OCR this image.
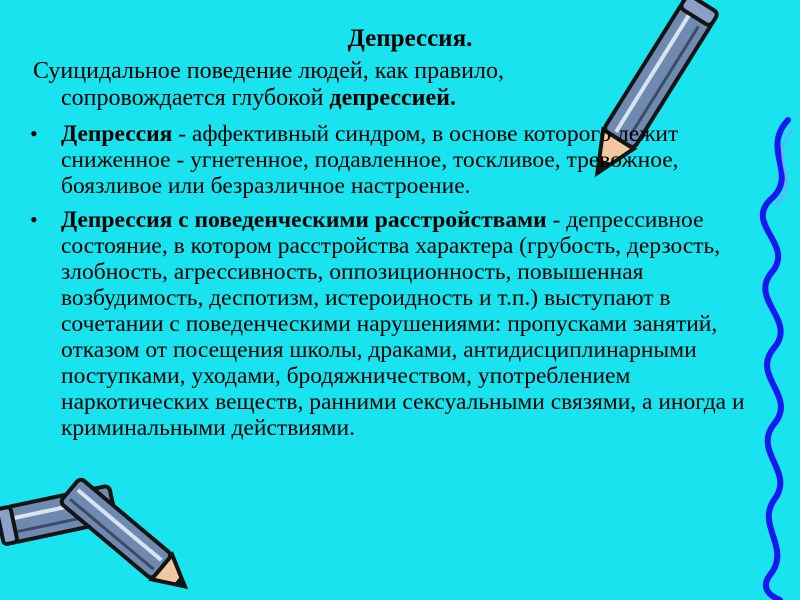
Депрессия.
Суицидальное поведение людей, как правило,
сопровождается глубокой депрессией.
• Депрессия - аффективный синдром, в основе которого лежит сниженное - угнетенное, подавленное, тоскливое, тревожное, боязливое или безразличное настроение.
• Депрессия с поведенческими расстройствами - депрессивное состояние, в котором расстройства характера (грубость, дерзость, злобность, агрессивность, оппозиционность, повышенная возбудимость, деспотизм, истероидность и т.п.) выступают в сочетании с поведенческими нарушениями: пропусками занятий, отказом от посещения школы, драками, антидисциплинарными поступками, уходами, бродяжничеством, употреблением наркотических веществ, ранними сексуальными связями, а иногда и криминальными действиями.
